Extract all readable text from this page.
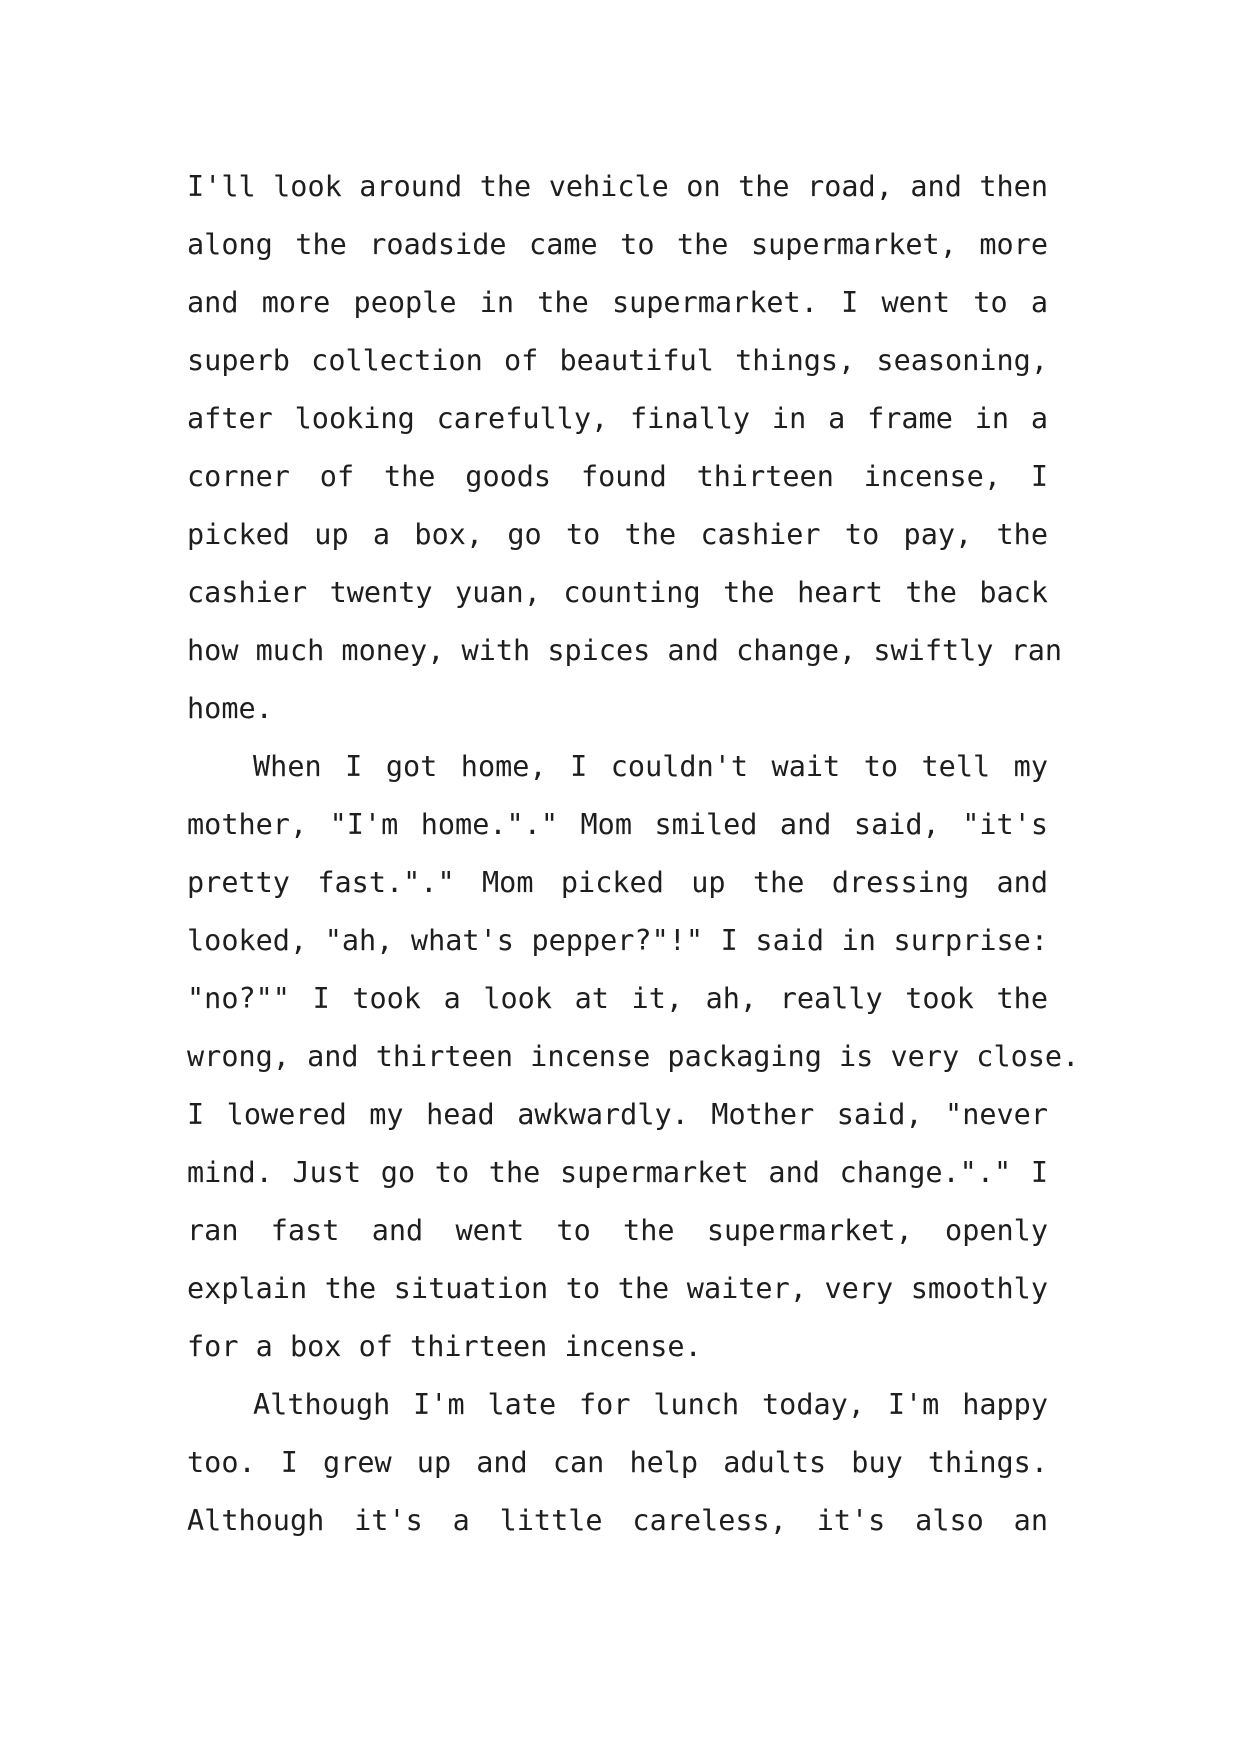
I'll look around the vehicle on the road, and then
along the roadside came to the supermarket, more
and more people in the supermarket. I went to a
superb collection of beautiful things, seasoning,
after looking carefully, finally in a frame in a
corner of the goods found thirteen incense, I
picked up a box, go to the cashier to pay, the
cashier twenty yuan, counting the heart the back
how much money, with spices and change, swiftly ran
home.
When I got home, I couldn't wait to tell my
mother, "I'm home."." Mom smiled and said, "it's
pretty fast."." Mom picked up the dressing and
looked, "ah, what's pepper?"!" I said in surprise:
"no?"" I took a look at it, ah, really took the
wrong, and thirteen incense packaging is very close.
I lowered my head awkwardly. Mother said, "never
mind. Just go to the supermarket and change."." I
ran fast and went to the supermarket, openly
explain the situation to the waiter, very smoothly
for a box of thirteen incense.
Although I'm late for lunch today, I'm happy
too. I grew up and can help adults buy things.
Although it's a little careless, it's also an
